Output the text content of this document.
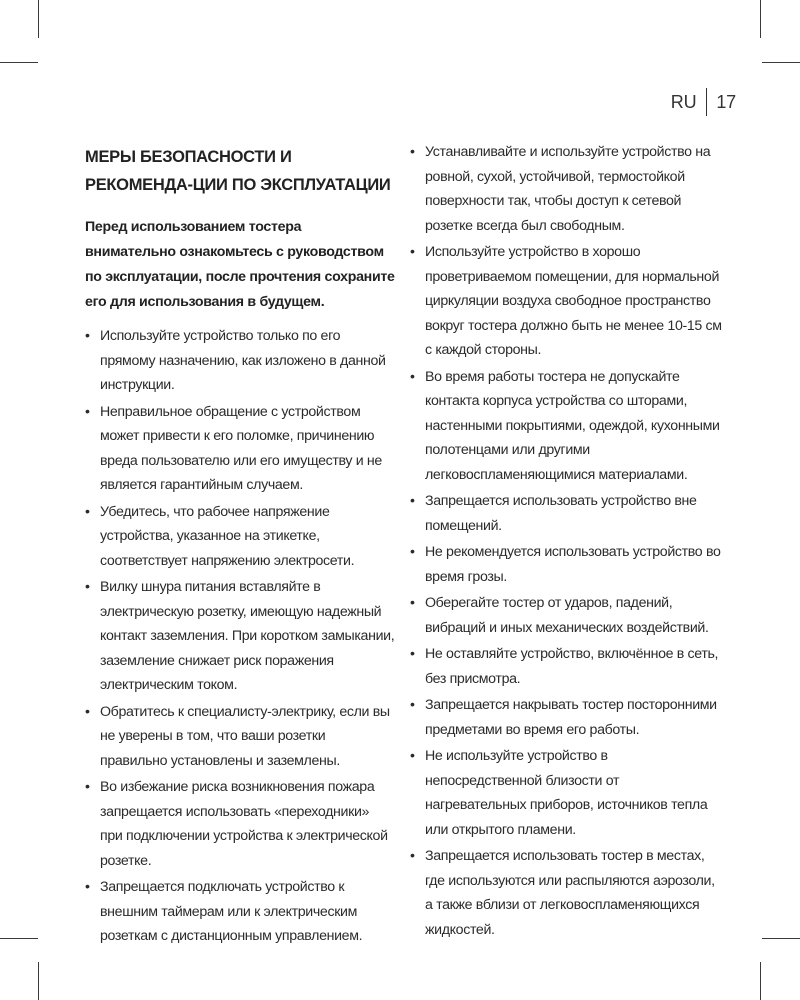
RU 17
МЕРЫ БЕЗОПАСНОСТИ И РЕКОМЕНДА-ЦИИ ПО ЭКСПЛУАТАЦИИ
Перед использованием тостера внимательно ознакомьтесь с руководством по эксплуатации, после прочтения сохраните его для использования в будущем.
• Используйте устройство только по его прямому назначению, как изложено в данной инструкции.
• Неправильное обращение с устройством может привести к его поломке, причинению вреда пользователю или его имуществу и не является гарантийным случаем.
• Убедитесь, что рабочее напряжение устройства, указанное на этикетке, соответствует напряжению электросети.
• Вилку шнура питания вставляйте в электрическую розетку, имеющую надежный контакт заземления. При коротком замыкании, заземление снижает риск поражения электрическим током.
• Обратитесь к специалисту-электрику, если вы не уверены в том, что ваши розетки правильно установлены и заземлены.
• Во избежание риска возникновения пожара запрещается использовать «переходники» при подключении устройства к электрической розетке.
• Запрещается подключать устройство к внешним таймерам или к электрическим розеткам с дистанционным управлением.
• Устанавливайте и используйте устройство на ровной, сухой, устойчивой, термостойкой поверхности так, чтобы доступ к сетевой розетке всегда был свободным.
• Используйте устройство в хорошо проветриваемом помещении, для нормальной циркуляции воздуха свободное пространство вокруг тостера должно быть не менее 10-15 см с каждой стороны.
• Во время работы тостера не допускайте контакта корпуса устройства со шторами, настенными покрытиями, одеждой, кухонными полотенцами или другими легковоспламеняющимися материалами.
• Запрещается использовать устройство вне помещений.
• Не рекомендуется использовать устройство во время грозы.
• Оберегайте тостер от ударов, падений, вибраций и иных механических воздействий.
• Не оставляйте устройство, включённое в сеть, без присмотра.
• Запрещается накрывать тостер посторонними предметами во время его работы.
• Не используйте устройство в непосредственной близости от нагревательных приборов, источников тепла или открытого пламени.
• Запрещается использовать тостер в местах, где используются или распыляются аэрозоли, а также вблизи от легковоспламеняющихся жидкостей.
